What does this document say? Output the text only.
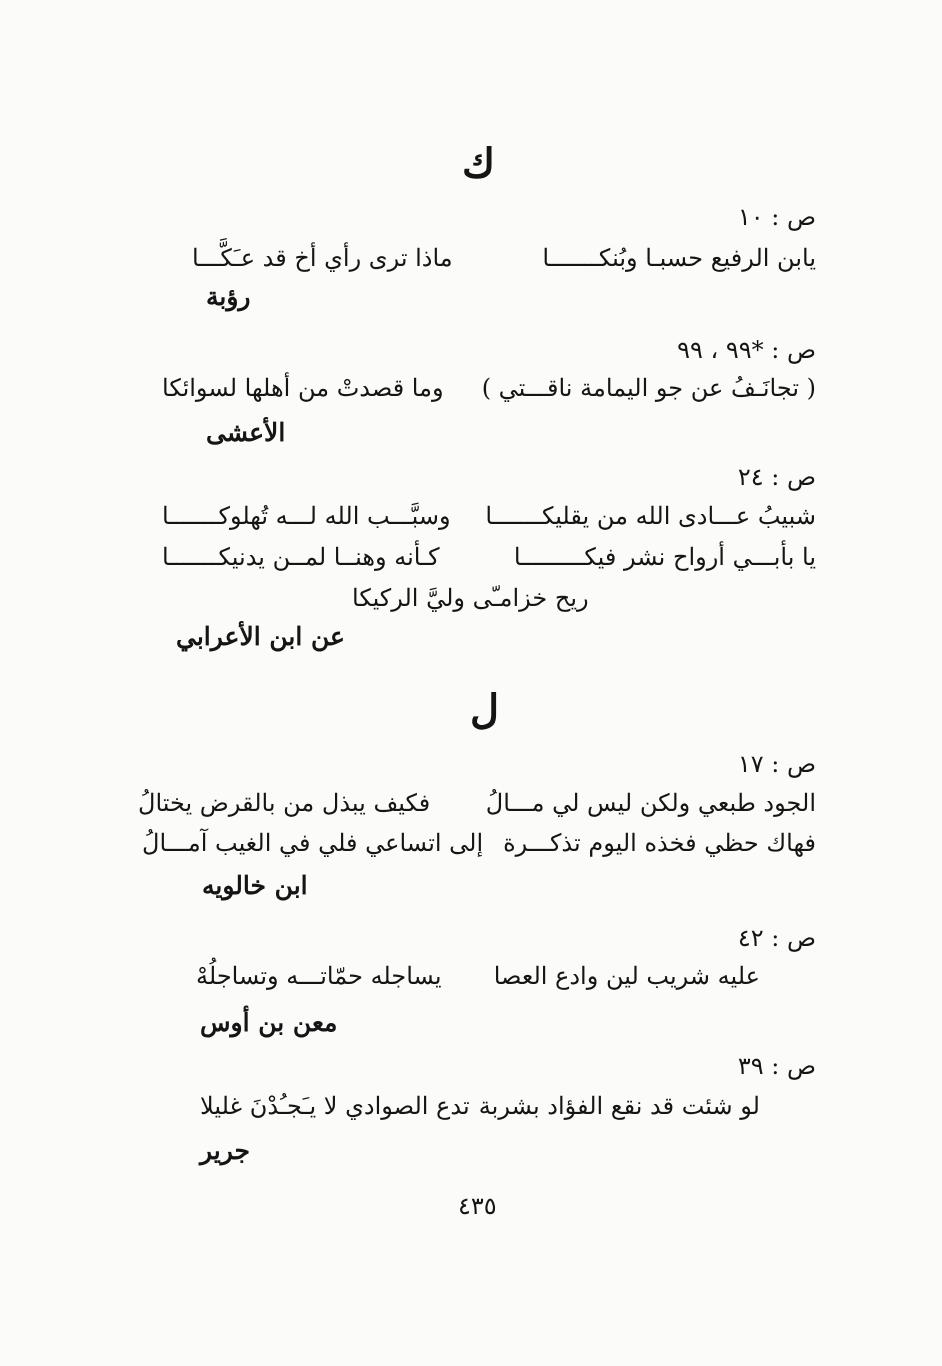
ك
ص : ١٠
يابن الرفيع حسبـا وبُنكـــــــا
ماذا ترى رأي أخ قد عـَكَّـــا
رؤبة
ص : *٩٩ ، ٩٩
( تجانَـفُ عن جو اليمامة ناقـــتي )
وما قصدتْ من أهلها لسوائكا
الأعشى
ص : ٢٤
شبيبُ عـــادى الله من يقليكـــــــا
وسبَّـــب الله لـــه تُهلوكـــــــا
يا بأبـــي أرواح نشر فيكـــــــــا
كـأنه وهنــا لمــن يدنيكـــــــا
ريح خزامـّى وليَّ الركيكا
عن ابن الأعرابي
ل
ص : ١٧
الجود طبعي ولكن ليس لي مـــالُ
فكيف يبذل من بالقرض يختالُ
فهاك حظي فخذه اليوم تذكـــرة
إلى اتساعي فلي في الغيب آمـــالُ
ابن خالويه
ص : ٤٢
عليه شريب لين وادع العصا
يساجله حمّاتـــه وتساجلُهْ
معن بن أوس
ص : ٣٩
لو شئت قد نقع الفؤاد بشربة
تدع الصوادي لا يـَجـُدْنَ غليلا
جرير
٤٣٥
